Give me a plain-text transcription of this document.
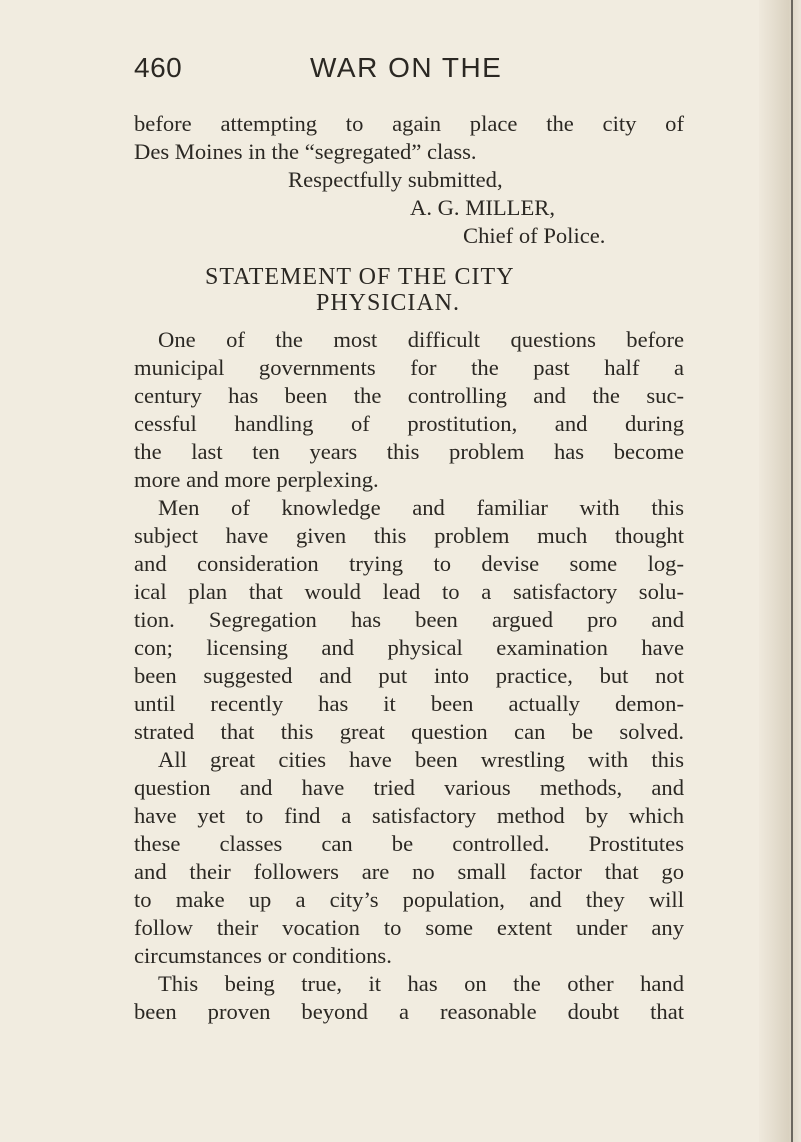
460	WAR ON THE
before attempting to again place the city of
Des Moines in the “segregated” class.
Respectfully submitted,
A. G. MILLER,
Chief of Police.
STATEMENT OF THE CITY
PHYSICIAN.
One of the most difficult questions before
municipal governments for the past half a
century has been the controlling and the suc-
cessful handling of prostitution, and during
the last ten years this problem has become
more and more perplexing.
Men of knowledge and familiar with this
subject have given this problem much thought
and consideration trying to devise some log-
ical plan that would lead to a satisfactory solu-
tion. Segregation has been argued pro and
con; licensing and physical examination have
been suggested and put into practice, but not
until recently has it been actually demon-
strated that this great question can be solved.
All great cities have been wrestling with this
question and have tried various methods, and
have yet to find a satisfactory method by which
these classes can be controlled. Prostitutes
and their followers are no small factor that go
to make up a city’s population, and they will
follow their vocation to some extent under any
circumstances or conditions.
This being true, it has on the other hand
been proven beyond a reasonable doubt that
